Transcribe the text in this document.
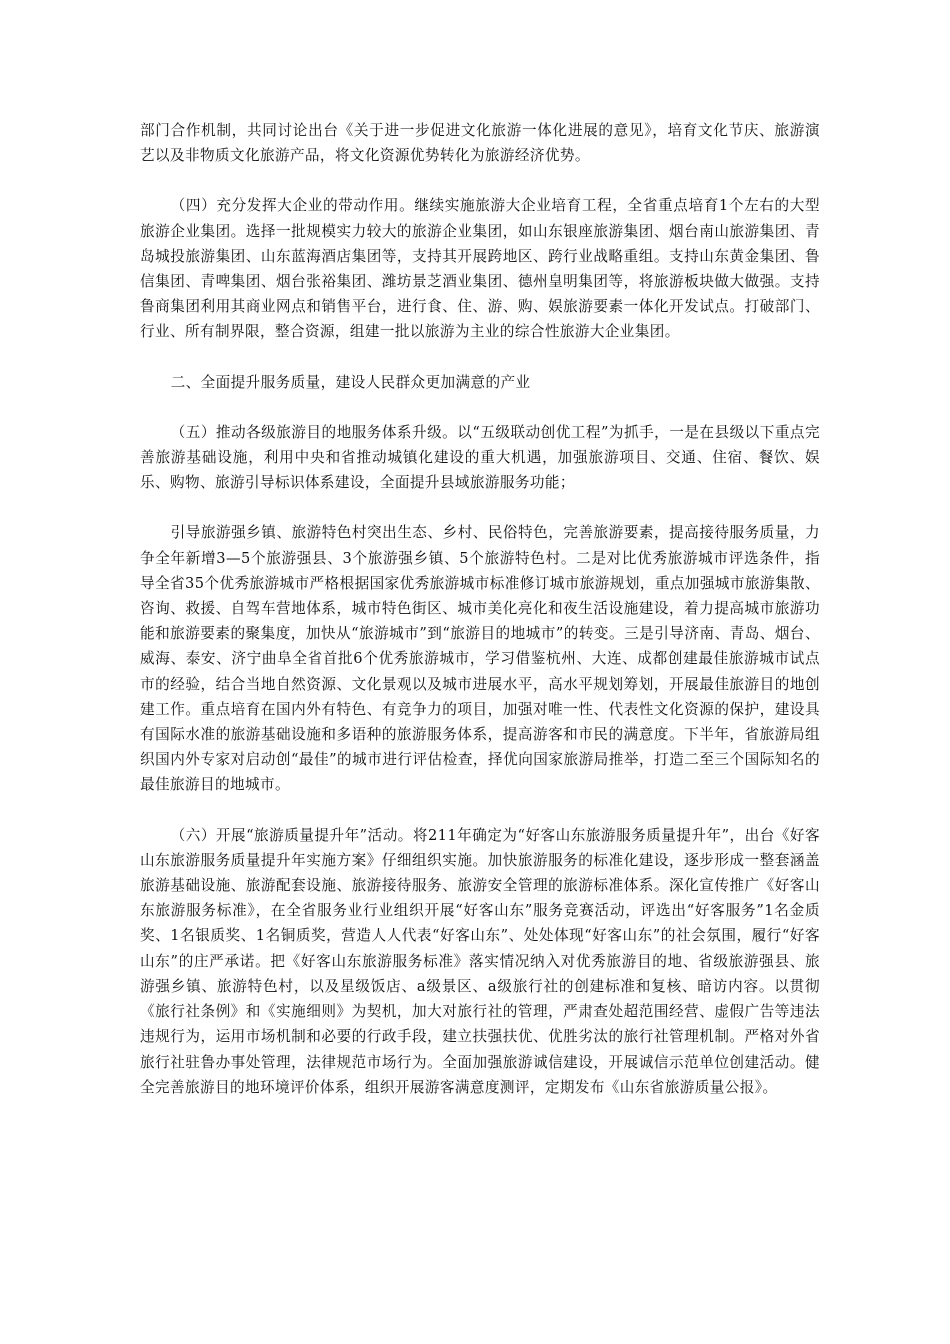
部门合作机制，共同讨论出台《关于进一步促进文化旅游一体化进展的意见》，培育文化节庆、旅游演艺以及非物质文化旅游产品，将文化资源优势转化为旅游经济优势。

（四）充分发挥大企业的带动作用。继续实施旅游大企业培育工程，全省重点培育1个左右的大型旅游企业集团。选择一批规模实力较大的旅游企业集团，如山东银座旅游集团、烟台南山旅游集团、青岛城投旅游集团、山东蓝海酒店集团等，支持其开展跨地区、跨行业战略重组。支持山东黄金集团、鲁信集团、青啤集团、烟台张裕集团、潍坊景芝酒业集团、德州皇明集团等，将旅游板块做大做强。支持鲁商集团利用其商业网点和销售平台，进行食、住、游、购、娱旅游要素一体化开发试点。打破部门、行业、所有制界限，整合资源，组建一批以旅游为主业的综合性旅游大企业集团。

二、全面提升服务质量，建设人民群众更加满意的产业

（五）推动各级旅游目的地服务体系升级。以“五级联动创优工程”为抓手，一是在县级以下重点完善旅游基础设施，利用中央和省推动城镇化建设的重大机遇，加强旅游项目、交通、住宿、餐饮、娱乐、购物、旅游引导标识体系建设，全面提升县域旅游服务功能；

引导旅游强乡镇、旅游特色村突出生态、乡村、民俗特色，完善旅游要素，提高接待服务质量，力争全年新增3—5个旅游强县、3个旅游强乡镇、5个旅游特色村。二是对比优秀旅游城市评选条件，指导全省35个优秀旅游城市严格根据国家优秀旅游城市标准修订城市旅游规划，重点加强城市旅游集散、咨询、救援、自驾车营地体系，城市特色街区、城市美化亮化和夜生活设施建设，着力提高城市旅游功能和旅游要素的聚集度，加快从“旅游城市”到“旅游目的地城市”的转变。三是引导济南、青岛、烟台、威海、泰安、济宁曲阜全省首批6个优秀旅游城市，学习借鉴杭州、大连、成都创建最佳旅游城市试点市的经验，结合当地自然资源、文化景观以及城市进展水平，高水平规划筹划，开展最佳旅游目的地创建工作。重点培育在国内外有特色、有竞争力的项目，加强对唯一性、代表性文化资源的保护，建设具有国际水准的旅游基础设施和多语种的旅游服务体系，提高游客和市民的满意度。下半年，省旅游局组织国内外专家对启动创“最佳”的城市进行评估检查，择优向国家旅游局推举，打造二至三个国际知名的最佳旅游目的地城市。

（六）开展“旅游质量提升年”活动。将211年确定为“好客山东旅游服务质量提升年”，出台《好客山东旅游服务质量提升年实施方案》仔细组织实施。加快旅游服务的标准化建设，逐步形成一整套涵盖旅游基础设施、旅游配套设施、旅游接待服务、旅游安全管理的旅游标准体系。深化宣传推广《好客山东旅游服务标准》，在全省服务业行业组织开展“好客山东”服务竞赛活动，评选出“好客服务”1名金质奖、1名银质奖、1名铜质奖，营造人人代表“好客山东”、处处体现“好客山东”的社会氛围，履行“好客山东”的庄严承诺。把《好客山东旅游服务标准》落实情况纳入对优秀旅游目的地、省级旅游强县、旅游强乡镇、旅游特色村，以及星级饭店、a级景区、a级旅行社的创建标准和复核、暗访内容。以贯彻《旅行社条例》和《实施细则》为契机，加大对旅行社的管理，严肃查处超范围经营、虚假广告等违法违规行为，运用市场机制和必要的行政手段，建立扶强扶优、优胜劣汰的旅行社管理机制。严格对外省旅行社驻鲁办事处管理，法律规范市场行为。全面加强旅游诚信建设，开展诚信示范单位创建活动。健全完善旅游目的地环境评价体系，组织开展游客满意度测评，定期发布《山东省旅游质量公报》。
